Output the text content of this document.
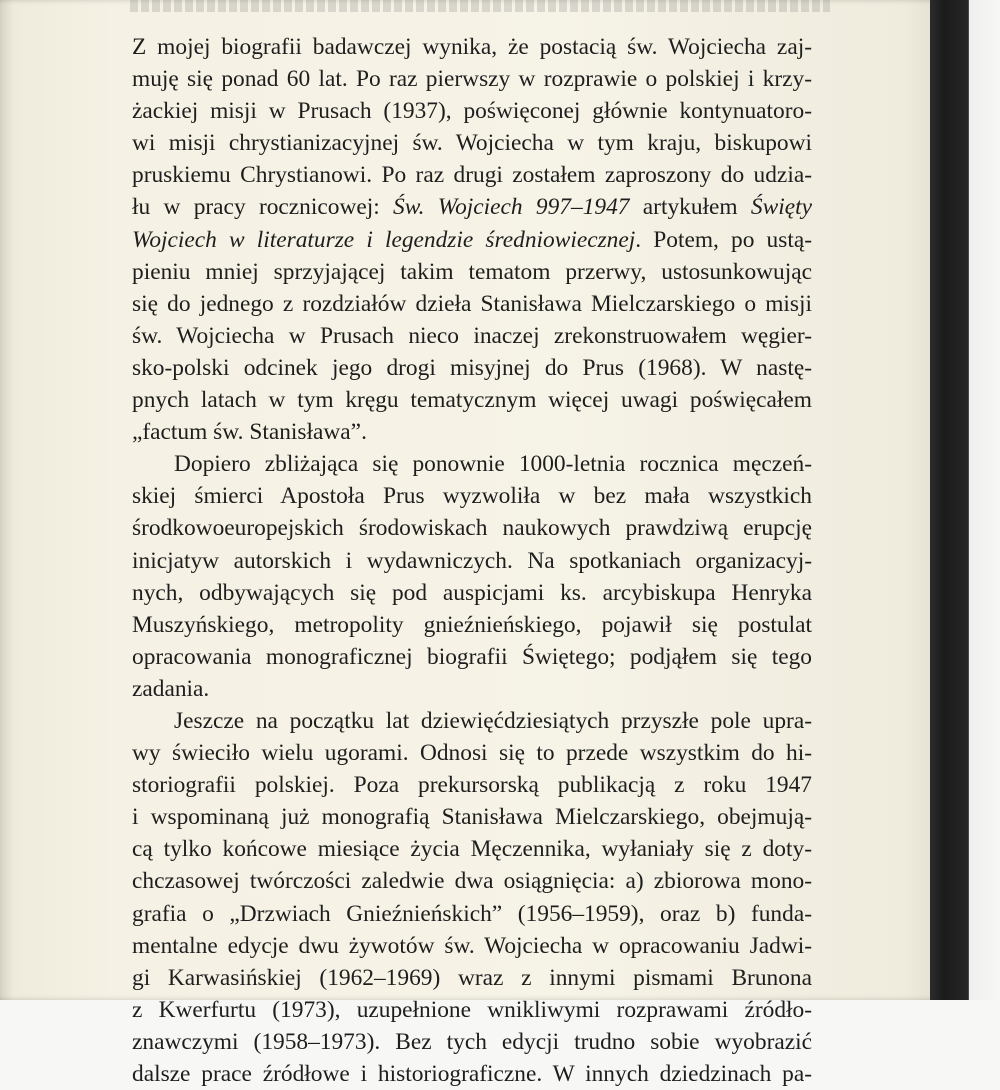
Z mojej biografii badawczej wynika, że postacią św. Wojciecha zaj-
muję się ponad 60 lat. Po raz pierwszy w rozprawie o polskiej i krzy-
żackiej misji w Prusach (1937), poświęconej głównie kontynuatoro-
wi misji chrystianizacyjnej św. Wojciecha w tym kraju, biskupowi
pruskiemu Chrystianowi. Po raz drugi zostałem zaproszony do udzia-
łu w pracy rocznicowej: Św. Wojciech 997–1947 artykułem Święty
Wojciech w literaturze i legendzie średniowiecznej. Potem, po ustą-
pieniu mniej sprzyjającej takim tematom przerwy, ustosunkowując
się do jednego z rozdziałów dzieła Stanisława Mielczarskiego o misji
św. Wojciecha w Prusach nieco inaczej zrekonstruowałem węgier-
sko-polski odcinek jego drogi misyjnej do Prus (1968). W nastę-
pnych latach w tym kręgu tematycznym więcej uwagi poświęcałem
„factum św. Stanisława”.
Dopiero zbliżająca się ponownie 1000-letnia rocznica męczeń-
skiej śmierci Apostoła Prus wyzwoliła w bez mała wszystkich
środkowoeuropejskich środowiskach naukowych prawdziwą erupcję
inicjatyw autorskich i wydawniczych. Na spotkaniach organizacyj-
nych, odbywających się pod auspicjami ks. arcybiskupa Henryka
Muszyńskiego, metropolity gnieźnieńskiego, pojawił się postulat
opracowania monograficznej biografii Świętego; podjąłem się tego
zadania.
Jeszcze na początku lat dziewięćdziesiątych przyszłe pole upra-
wy świeciło wielu ugorami. Odnosi się to przede wszystkim do hi-
storiografii polskiej. Poza prekursorską publikacją z roku 1947
i wspominaną już monografią Stanisława Mielczarskiego, obejmują-
cą tylko końcowe miesiące życia Męczennika, wyłaniały się z doty-
chczasowej twórczości zaledwie dwa osiągnięcia: a) zbiorowa mono-
grafia o „Drzwiach Gnieźnieńskich” (1956–1959), oraz b) funda-
mentalne edycje dwu żywotów św. Wojciecha w opracowaniu Jadwi-
gi Karwasińskiej (1962–1969) wraz z innymi pismami Brunona
z Kwerfurtu (1973), uzupełnione wnikliwymi rozprawami źródło-
znawczymi (1958–1973). Bez tych edycji trudno sobie wyobrazić
dalsze prace źródłowe i historiograficzne. W innych dziedzinach pa-
